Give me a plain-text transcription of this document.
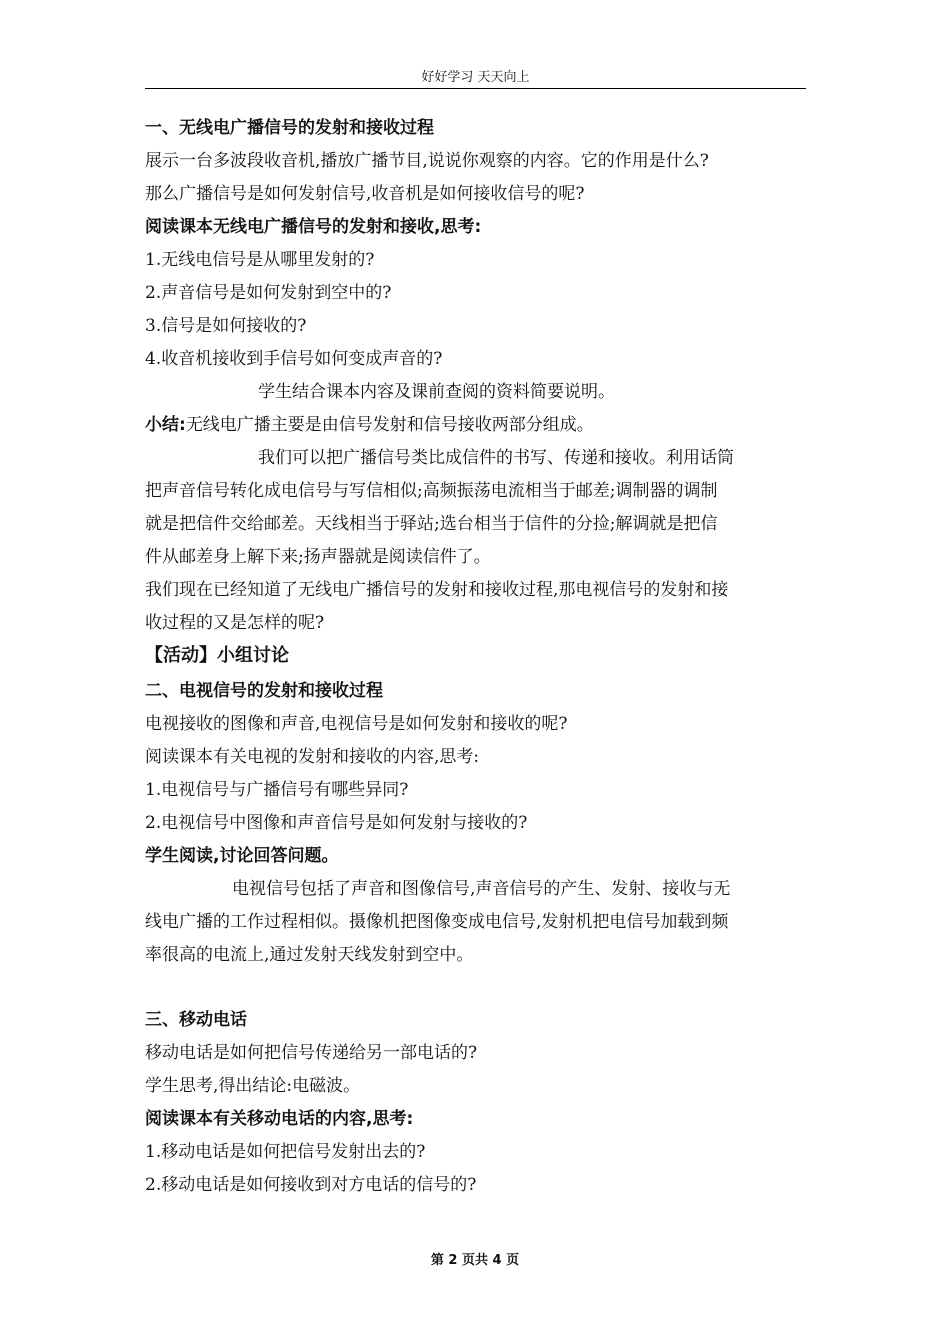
好好学习 天天向上
一、无线电广播信号的发射和接收过程
展示一台多波段收音机,播放广播节目,说说你观察的内容。它的作用是什么?
那么广播信号是如何发射信号,收音机是如何接收信号的呢?
阅读课本无线电广播信号的发射和接收,思考:
1.无线电信号是从哪里发射的?
2.声音信号是如何发射到空中的?
3.信号是如何接收的?
4.收音机接收到手信号如何变成声音的?
学生结合课本内容及课前查阅的资料简要说明。
小结:无线电广播主要是由信号发射和信号接收两部分组成。
我们可以把广播信号类比成信件的书写、传递和接收。利用话筒
把声音信号转化成电信号与写信相似;高频振荡电流相当于邮差;调制器的调制
就是把信件交给邮差。天线相当于驿站;选台相当于信件的分捡;解调就是把信
件从邮差身上解下来;扬声器就是阅读信件了。
我们现在已经知道了无线电广播信号的发射和接收过程,那电视信号的发射和接
收过程的又是怎样的呢?
【活动】小组讨论
二、电视信号的发射和接收过程
电视接收的图像和声音,电视信号是如何发射和接收的呢?
阅读课本有关电视的发射和接收的内容,思考:
1.电视信号与广播信号有哪些异同?
2.电视信号中图像和声音信号是如何发射与接收的?
学生阅读,讨论回答问题。
电视信号包括了声音和图像信号,声音信号的产生、发射、接收与无
线电广播的工作过程相似。摄像机把图像变成电信号,发射机把电信号加载到频
率很高的电流上,通过发射天线发射到空中。
三、移动电话
移动电话是如何把信号传递给另一部电话的?
学生思考,得出结论:电磁波。
阅读课本有关移动电话的内容,思考:
1.移动电话是如何把信号发射出去的?
2.移动电话是如何接收到对方电话的信号的?
第 2 页共 4 页
